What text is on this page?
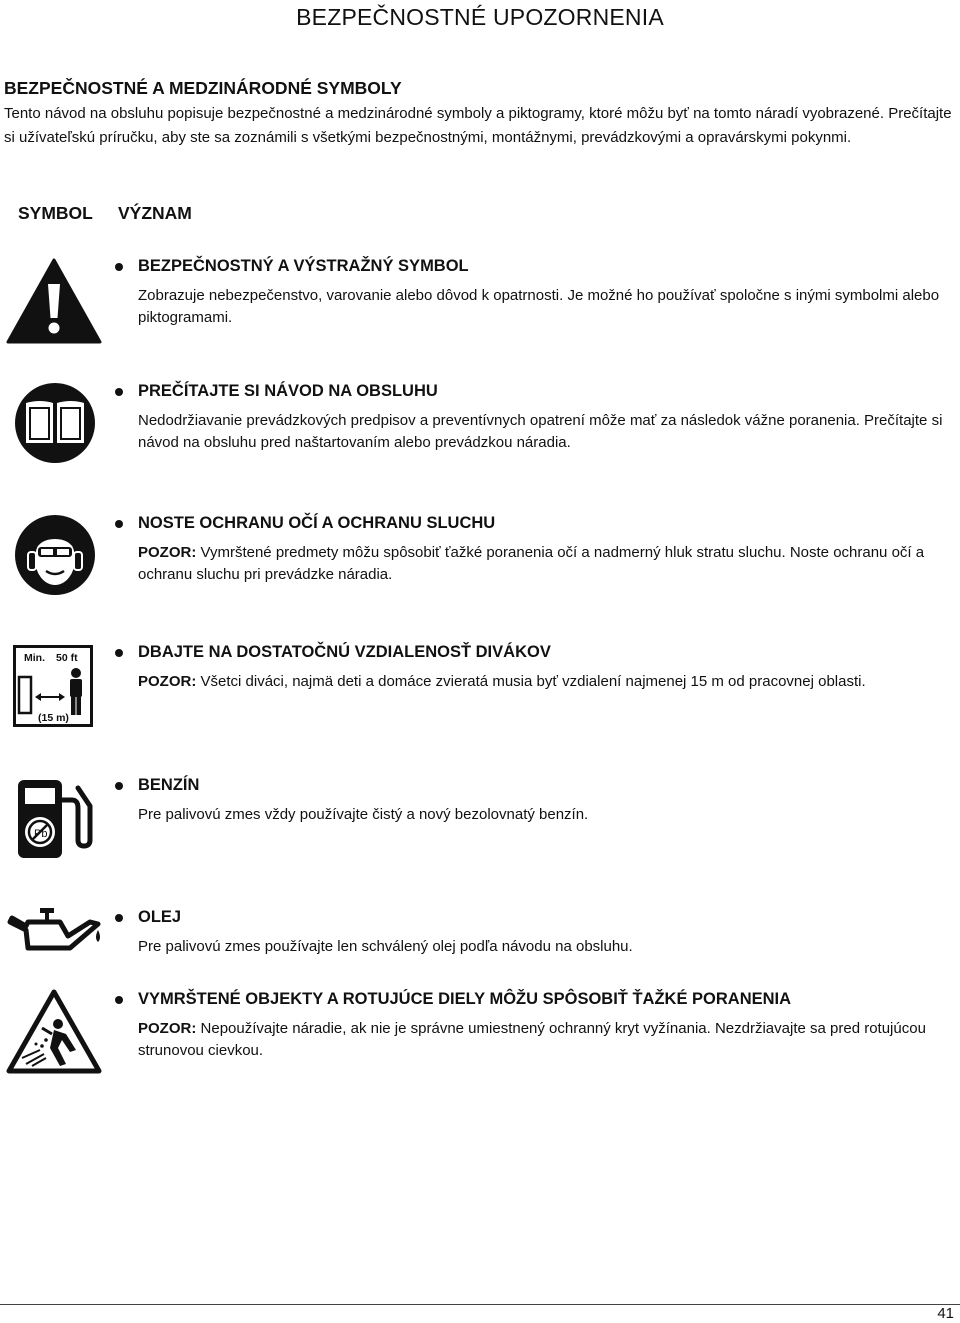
BEZPEČNOSTNÉ UPOZORNENIA
BEZPEČNOSTNÉ A MEDZINÁRODNÉ SYMBOLY

Tento návod na obsluhu popisuje bezpečnostné a medzinárodné symboly a piktogramy, ktoré môžu byť na tomto náradí vyobrazené. Prečítajte si užívateľskú príručku, aby ste sa zoznámili s všetkými bezpečnostnými, montážnymi, prevádzkovými a opravárskymi pokynmi.

SYMBOL VÝZNAM
Min. 50 ft
(15 m)
Pb
BEZPEČNOSTNÝ A VÝSTRAŽNÝ SYMBOL
Zobrazuje nebezpečenstvo, varovanie alebo dôvod k opatrnosti. Je možné ho používať spoločne s inými symbolmi alebo piktogramami.
PREČÍTAJTE SI NÁVOD NA OBSLUHU
Nedodržiavanie prevádzkových predpisov a preventívnych opatrení môže mať za následok vážne poranenia. Prečítajte si návod na obsluhu pred naštartovaním alebo prevádzkou náradia.
NOSTE OCHRANU OČÍ A OCHRANU SLUCHU
POZOR: Vymrštené predmety môžu spôsobiť ťažké poranenia očí a nadmerný hluk stratu sluchu. Noste ochranu očí a ochranu sluchu pri prevádzke náradia.
DBAJTE NA DOSTATOČNÚ VZDIALENOSŤ DIVÁKOV
POZOR: Všetci diváci, najmä deti a domáce zvieratá musia byť vzdialení najmenej 15 m od pracovnej oblasti.
BENZÍN
Pre palivovú zmes vždy používajte čistý a nový bezolovnatý benzín.
OLEJ
Pre palivovú zmes používajte len schválený olej podľa návodu na obsluhu.
VYMRŠTENÉ OBJEKTY A ROTUJÚCE DIELY MÔŽU SPÔSOBIŤ ŤAŽKÉ PORANENIA
POZOR: Nepoužívajte náradie, ak nie je správne umiestnený ochranný kryt vyžínania. Nezdržiavajte sa pred rotujúcou strunovou cievkou.
41
